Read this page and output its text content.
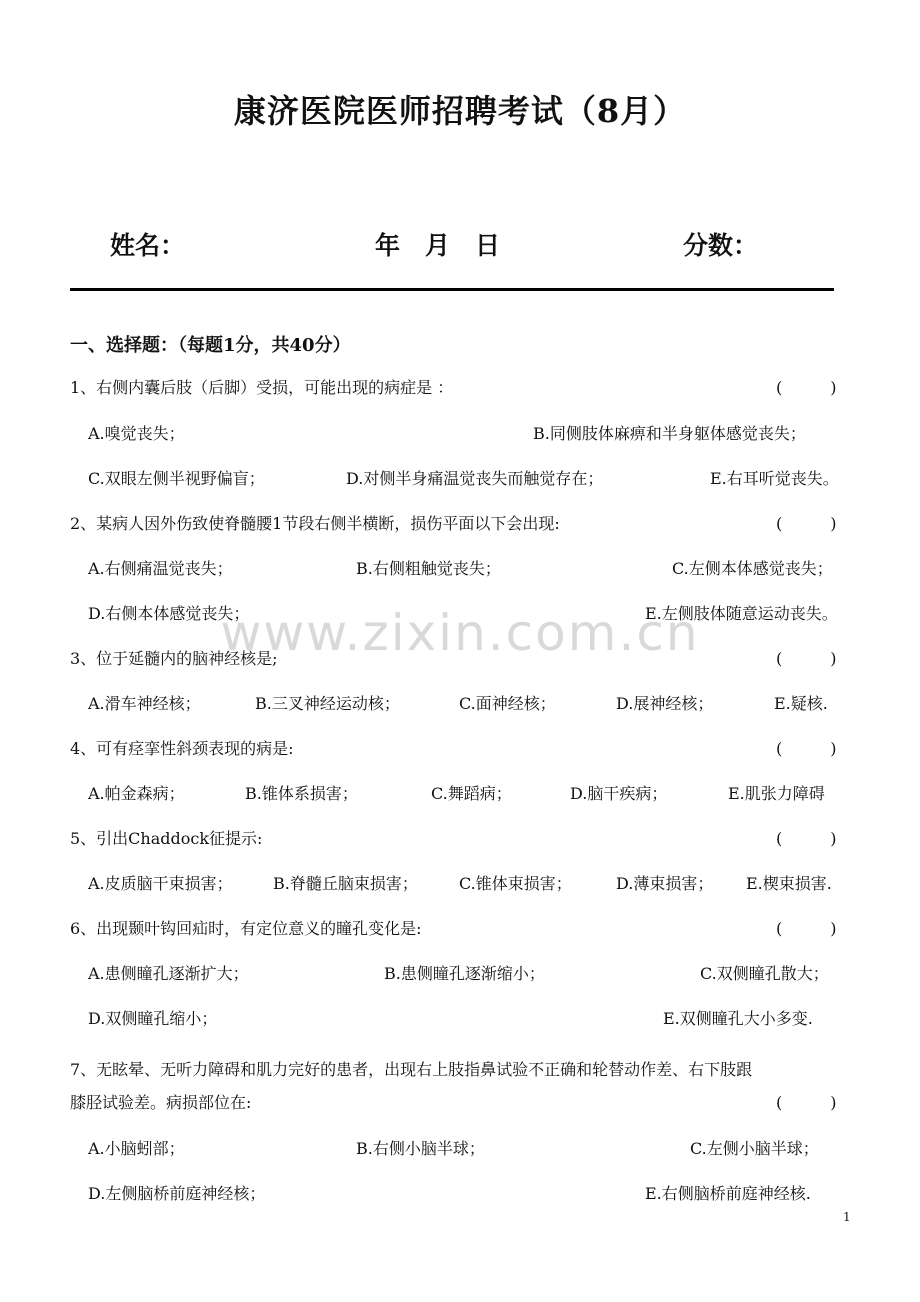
康济医院医师招聘考试（8月）
姓名：	年　月　日	分数：
一、选择题：（每题1分，共40分）
1、右侧内囊后肢（后脚）受损，可能出现的病症是 ：	(　　　)
A.嗅觉丧失；	B.同侧肢体麻痹和半身躯体感觉丧失；
C.双眼左侧半视野偏盲；	D.对侧半身痛温觉丧失而触觉存在；	E.右耳听觉丧失。
2、某病人因外伤致使脊髓腰1节段右侧半横断，损伤平面以下会出现:	(　　　)
A.右侧痛温觉丧失；	B.右侧粗触觉丧失；	C.左侧本体感觉丧失；
D.右侧本体感觉丧失；	E.左侧肢体随意运动丧失。
3、位于延髓内的脑神经核是;	(　　　)
A.滑车神经核；	B.三叉神经运动核；	C.面神经核；	D.展神经核；	E.疑核.
4、可有痉挛性斜颈表现的病是:	(　　　)
A.帕金森病；	B.锥体系损害；	C.舞蹈病；	D.脑干疾病；	E.肌张力障碍
5、引出Chaddock征提示:	(　　　)
A.皮质脑干束损害；	B.脊髓丘脑束损害；	C.锥体束损害；	D.薄束损害； E.楔束损害.
6、出现颞叶钩回疝时，有定位意义的瞳孔变化是:	(　　　)
A.患侧瞳孔逐渐扩大；	B.患侧瞳孔逐渐缩小；	C.双侧瞳孔散大；
D.双侧瞳孔缩小；	E.双侧瞳孔大小多变.
7、无眩晕、无听力障碍和肌力完好的患者，出现右上肢指鼻试验不正确和轮替动作差、右下肢跟
膝胫试验差。病损部位在:	(　　　)
A.小脑蚓部；	B.右侧小脑半球；	C.左侧小脑半球；
D.左侧脑桥前庭神经核；	E.右侧脑桥前庭神经核.
www.zixin.com.cn
1
